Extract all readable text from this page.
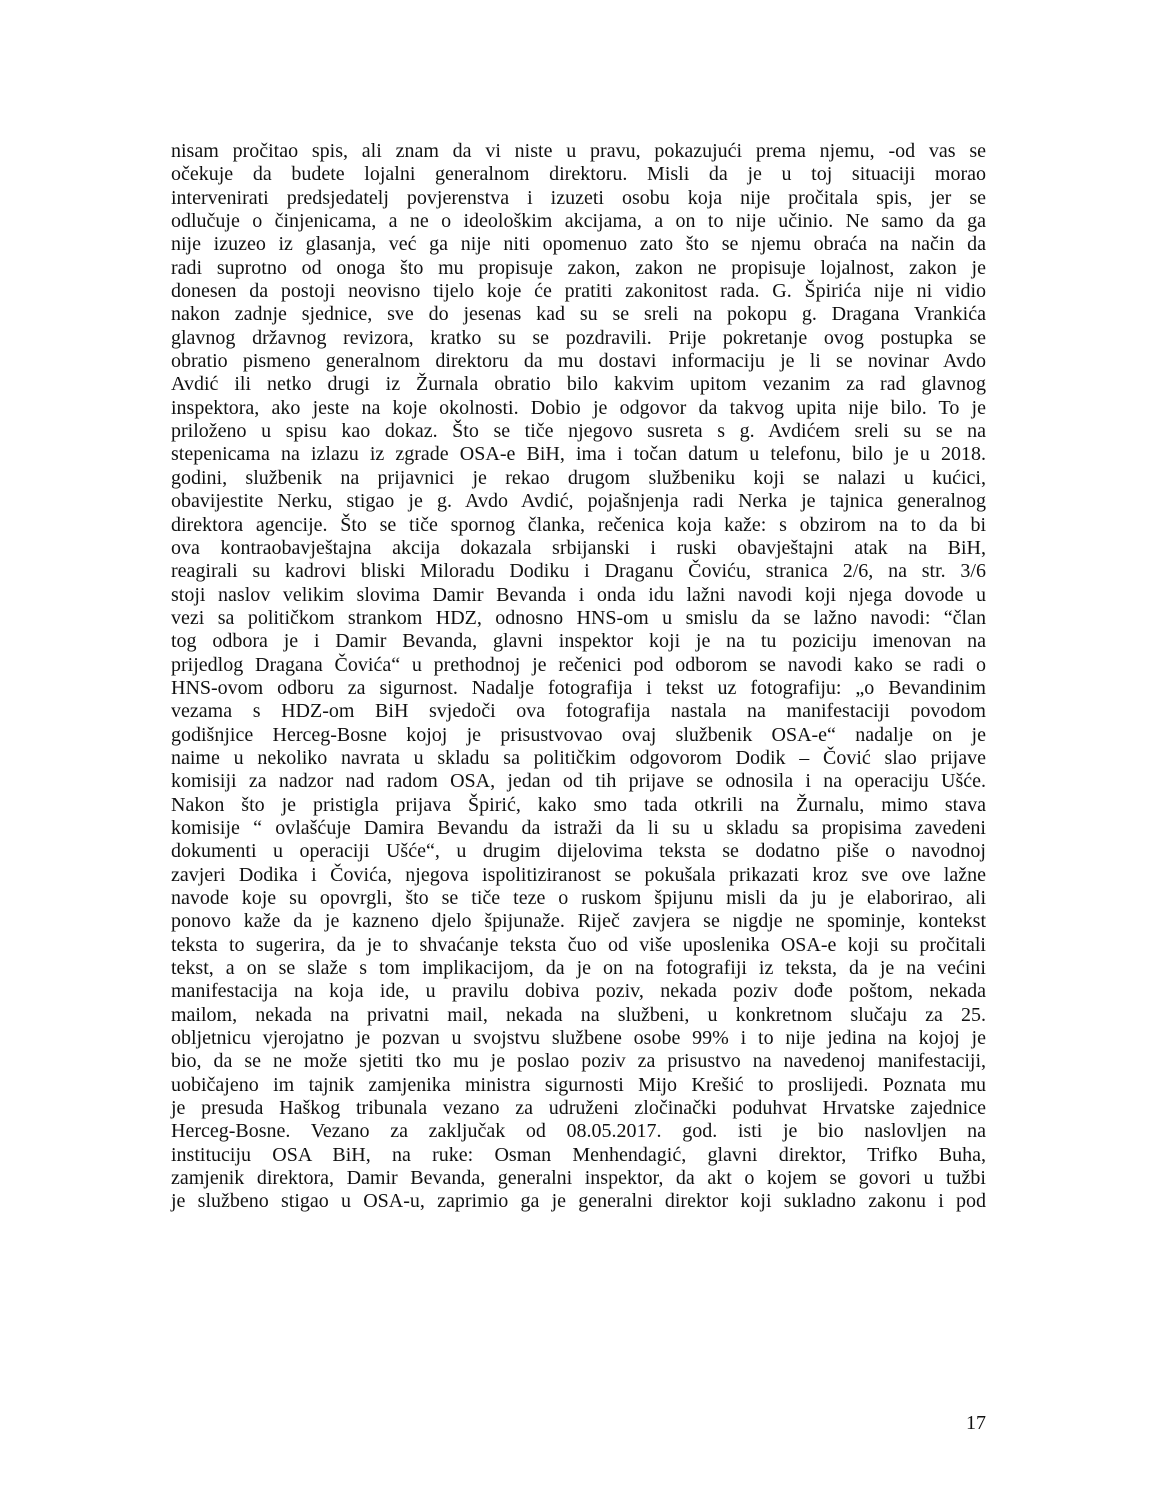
nisam pročitao spis, ali znam da vi niste u pravu, pokazujući prema njemu, -od vas se
očekuje da budete lojalni generalnom direktoru. Misli da je u toj situaciji morao
intervenirati predsjedatelj povjerenstva i izuzeti osobu koja nije pročitala spis, jer se
odlučuje o činjenicama, a ne o ideološkim akcijama, a on to nije učinio. Ne samo da ga
nije izuzeo iz glasanja, već ga nije niti opomenuo zato što se njemu obraća na način da
radi suprotno od onoga što mu propisuje zakon, zakon ne propisuje lojalnost, zakon je
donesen da postoji neovisno tijelo koje će pratiti zakonitost rada. G. Špirića nije ni vidio
nakon zadnje sjednice, sve do jesenas kad su se sreli na pokopu g. Dragana Vrankića
glavnog državnog revizora, kratko su se pozdravili. Prije pokretanje ovog postupka se
obratio pismeno generalnom direktoru da mu dostavi informaciju je li se novinar Avdo
Avdić ili netko drugi iz Žurnala obratio bilo kakvim upitom vezanim za rad glavnog
inspektora, ako jeste na koje okolnosti. Dobio je odgovor da takvog upita nije bilo. To je
priloženo u spisu kao dokaz. Što se tiče njegovo susreta s g. Avdićem sreli su se na
stepenicama na izlazu iz zgrade OSA-e BiH, ima i točan datum u telefonu, bilo je u 2018.
godini, službenik na prijavnici je rekao drugom službeniku koji se nalazi u kućici,
obavijestite Nerku, stigao je g. Avdo Avdić, pojašnjenja radi Nerka je tajnica generalnog
direktora agencije. Što se tiče spornog članka, rečenica koja kaže: s obzirom na to da bi
ova kontraobavještajna akcija dokazala srbijanski i ruski obavještajni atak na BiH,
reagirali su kadrovi bliski Miloradu Dodiku i Draganu Čoviću, stranica 2/6, na str. 3/6
stoji naslov velikim slovima Damir Bevanda i onda idu lažni navodi koji njega dovode u
vezi sa političkom strankom HDZ, odnosno HNS-om u smislu da se lažno navodi: “član
tog odbora je i Damir Bevanda, glavni inspektor koji je na tu poziciju imenovan na
prijedlog Dragana Čovića“ u prethodnoj je rečenici pod odborom se navodi kako se radi o
HNS-ovom odboru za sigurnost. Nadalje fotografija i tekst uz fotografiju: „o Bevandinim
vezama s HDZ-om BiH svjedoči ova fotografija nastala na manifestaciji povodom
godišnjice Herceg-Bosne kojoj je prisustvovao ovaj službenik OSA-e“ nadalje on je
naime u nekoliko navrata u skladu sa političkim odgovorom Dodik – Čović slao prijave
komisiji za nadzor nad radom OSA, jedan od tih prijave se odnosila i na operaciju Ušće.
Nakon što je pristigla prijava Špirić, kako smo tada otkrili na Žurnalu, mimo stava
komisije “ ovlašćuje Damira Bevandu da istraži da li su u skladu sa propisima zavedeni
dokumenti u operaciji Ušće“, u drugim dijelovima teksta se dodatno piše o navodnoj
zavjeri Dodika i Čovića, njegova ispolitiziranost se pokušala prikazati kroz sve ove lažne
navode koje su opovrgli, što se tiče teze o ruskom špijunu misli da ju je elaborirao, ali
ponovo kaže da je kazneno djelo špijunaže. Riječ zavjera se nigdje ne spominje, kontekst
teksta to sugerira, da je to shvaćanje teksta čuo od više uposlenika OSA-e koji su pročitali
tekst, a on se slaže s tom implikacijom, da je on na fotografiji iz teksta, da je na većini
manifestacija na koja ide, u pravilu dobiva poziv, nekada poziv dođe poštom, nekada
mailom, nekada na privatni mail, nekada na službeni, u konkretnom slučaju za 25.
obljetnicu vjerojatno je pozvan u svojstvu službene osobe 99% i to nije jedina na kojoj je
bio, da se ne može sjetiti tko mu je poslao poziv za prisustvo na navedenoj manifestaciji,
uobičajeno im tajnik zamjenika ministra sigurnosti Mijo Krešić to proslijedi. Poznata mu
je presuda Haškog tribunala vezano za udruženi zločinački poduhvat Hrvatske zajednice
Herceg-Bosne. Vezano za zaključak od 08.05.2017. god. isti je bio naslovljen na
instituciju OSA BiH, na ruke: Osman Menhendagić, glavni direktor, Trifko Buha,
zamjenik direktora, Damir Bevanda, generalni inspektor, da akt o kojem se govori u tužbi
je službeno stigao u OSA-u, zaprimio ga je generalni direktor koji sukladno zakonu i pod
17
